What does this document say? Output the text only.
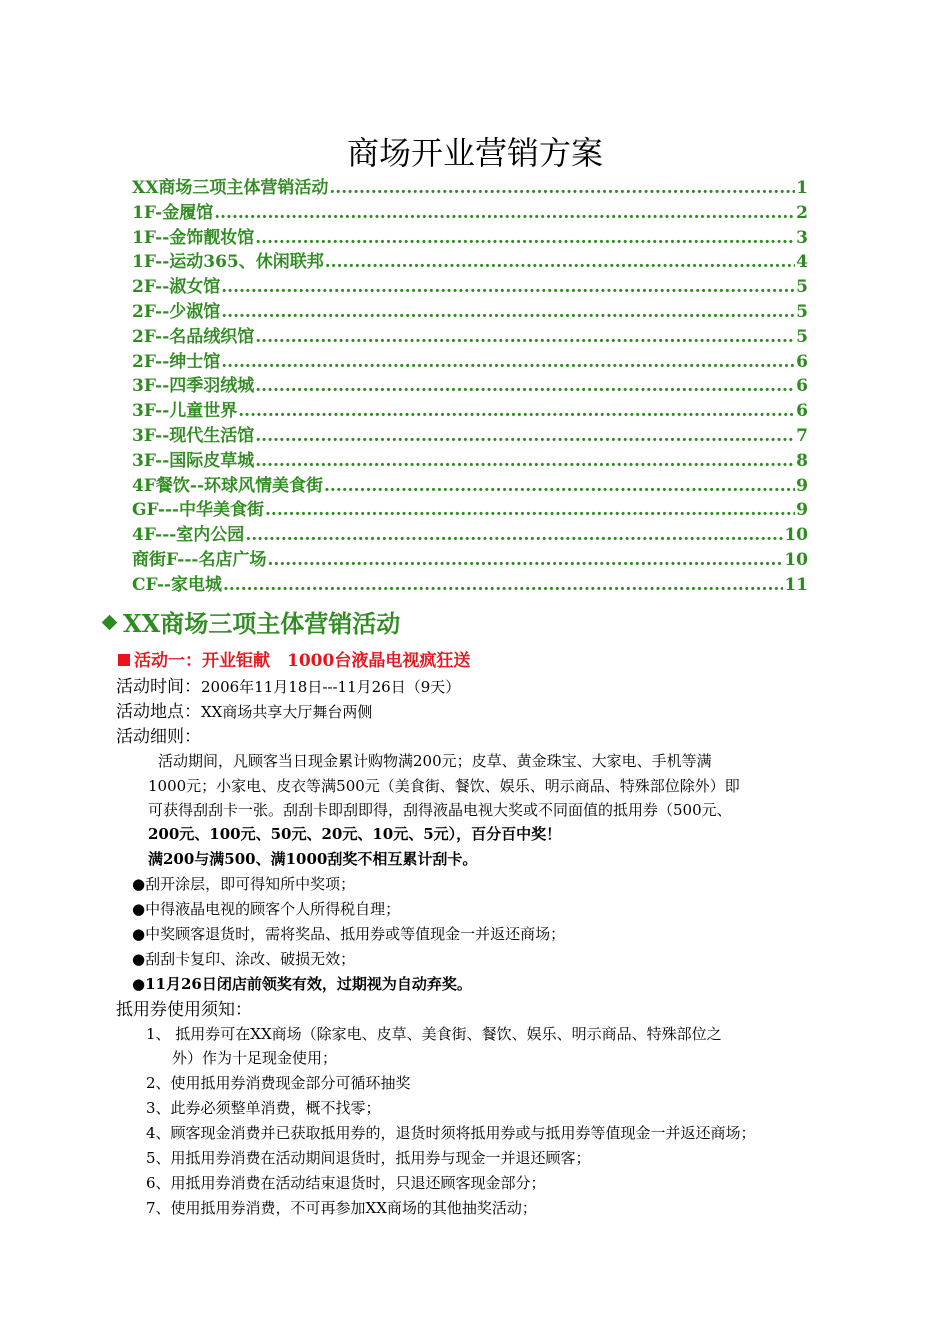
商场开业营销方案
XX商场三项主体营销活动 .....	1
1F-金履馆 .....	2
1F--金饰靓妆馆 .....	3
1F--运动365、休闲联邦 .....	4
2F--淑女馆 .....	5
2F--少淑馆 .....	5
2F--名品绒织馆 .....	5
2F--绅士馆 .....	6
3F--四季羽绒城 .....	6
3F--儿童世界 .....	6
3F--现代生活馆 .....	7
3F--国际皮草城 .....	8
4F餐饮--环球风情美食街 .....	9
GF---中华美食街 .....	9
4F---室内公园 .....	10
商街F---名店广场 .....	10
CF--家电城 .....	11
XX商场三项主体营销活动
活动一：开业钜献　1000台液晶电视疯狂送
活动时间：2006年11月18日---11月26日（9天）
活动地点：XX商场共享大厅舞台两侧
活动细则：
活动期间，凡顾客当日现金累计购物满200元；皮草、黄金珠宝、大家电、手机等满
1000元；小家电、皮衣等满500元（美食街、餐饮、娱乐、明示商品、特殊部位除外）即
可获得刮刮卡一张。刮刮卡即刮即得，刮得液晶电视大奖或不同面值的抵用券（500元、
200元、100元、50元、20元、10元、5元），百分百中奖！
满200与满500、满1000刮奖不相互累计刮卡。
●刮开涂层，即可得知所中奖项；
●中得液晶电视的顾客个人所得税自理；
●中奖顾客退货时，需将奖品、抵用券或等值现金一并返还商场；
●刮刮卡复印、涂改、破损无效；
●11月26日闭店前领奖有效，过期视为自动弃奖。
抵用券使用须知：
1、 抵用券可在XX商场（除家电、皮草、美食街、餐饮、娱乐、明示商品、特殊部位之
外）作为十足现金使用；
2、使用抵用券消费现金部分可循环抽奖
3、此券必须整单消费，概不找零；
4、顾客现金消费并已获取抵用券的，退货时须将抵用券或与抵用券等值现金一并返还商场；
5、用抵用券消费在活动期间退货时，抵用券与现金一并退还顾客；
6、用抵用券消费在活动结束退货时，只退还顾客现金部分；
7、使用抵用券消费，不可再参加XX商场的其他抽奖活动；
